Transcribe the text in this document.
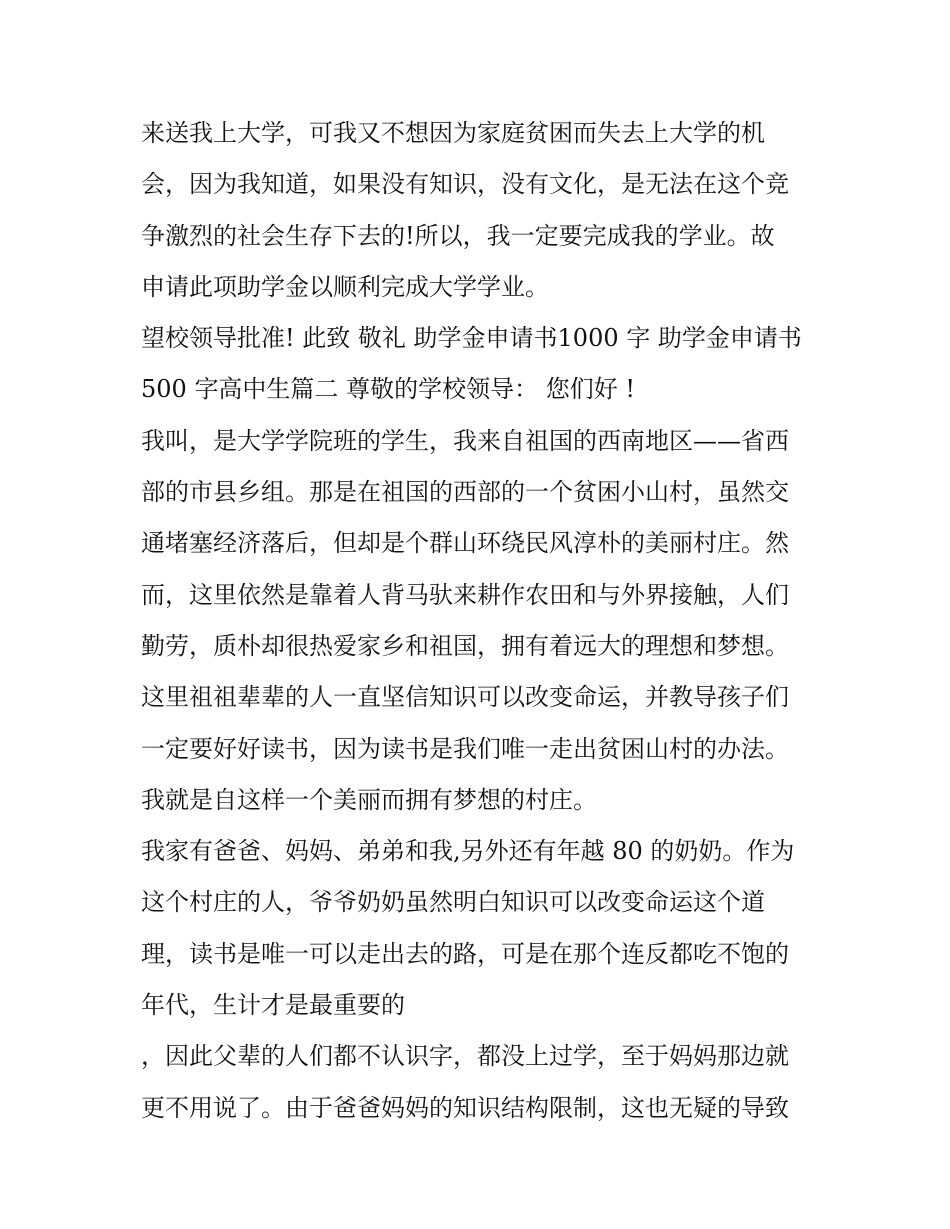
来送我上大学，可我又不想因为家庭贫困而失去上大学的机
会，因为我知道，如果没有知识，没有文化，是无法在这个竞
争激烈的社会生存下去的!所以，我一定要完成我的学业。故
申请此项助学金以顺利完成大学学业。
望校领导批准! 此致 敬礼 助学金申请书1000 字 助学金申请书
500 字高中生篇二 尊敬的学校领导： 您们好 !
我叫，是大学学院班的学生，我来自祖国的西南地区——省西
部的市县乡组。那是在祖国的西部的一个贫困小山村，虽然交
通堵塞经济落后，但却是个群山环绕民风淳朴的美丽村庄。然
而，这里依然是靠着人背马驮来耕作农田和与外界接触，人们
勤劳，质朴却很热爱家乡和祖国，拥有着远大的理想和梦想。
这里祖祖辈辈的人一直坚信知识可以改变命运，并教导孩子们
一定要好好读书，因为读书是我们唯一走出贫困山村的办法。
我就是自这样一个美丽而拥有梦想的村庄。
我家有爸爸、妈妈、弟弟和我,另外还有年越 80 的奶奶。作为
这个村庄的人，爷爷奶奶虽然明白知识可以改变命运这个道
理，读书是唯一可以走出去的路，可是在那个连反都吃不饱的
年代，生计才是最重要的
，因此父辈的人们都不认识字，都没上过学，至于妈妈那边就
更不用说了。由于爸爸妈妈的知识结构限制，这也无疑的导致
